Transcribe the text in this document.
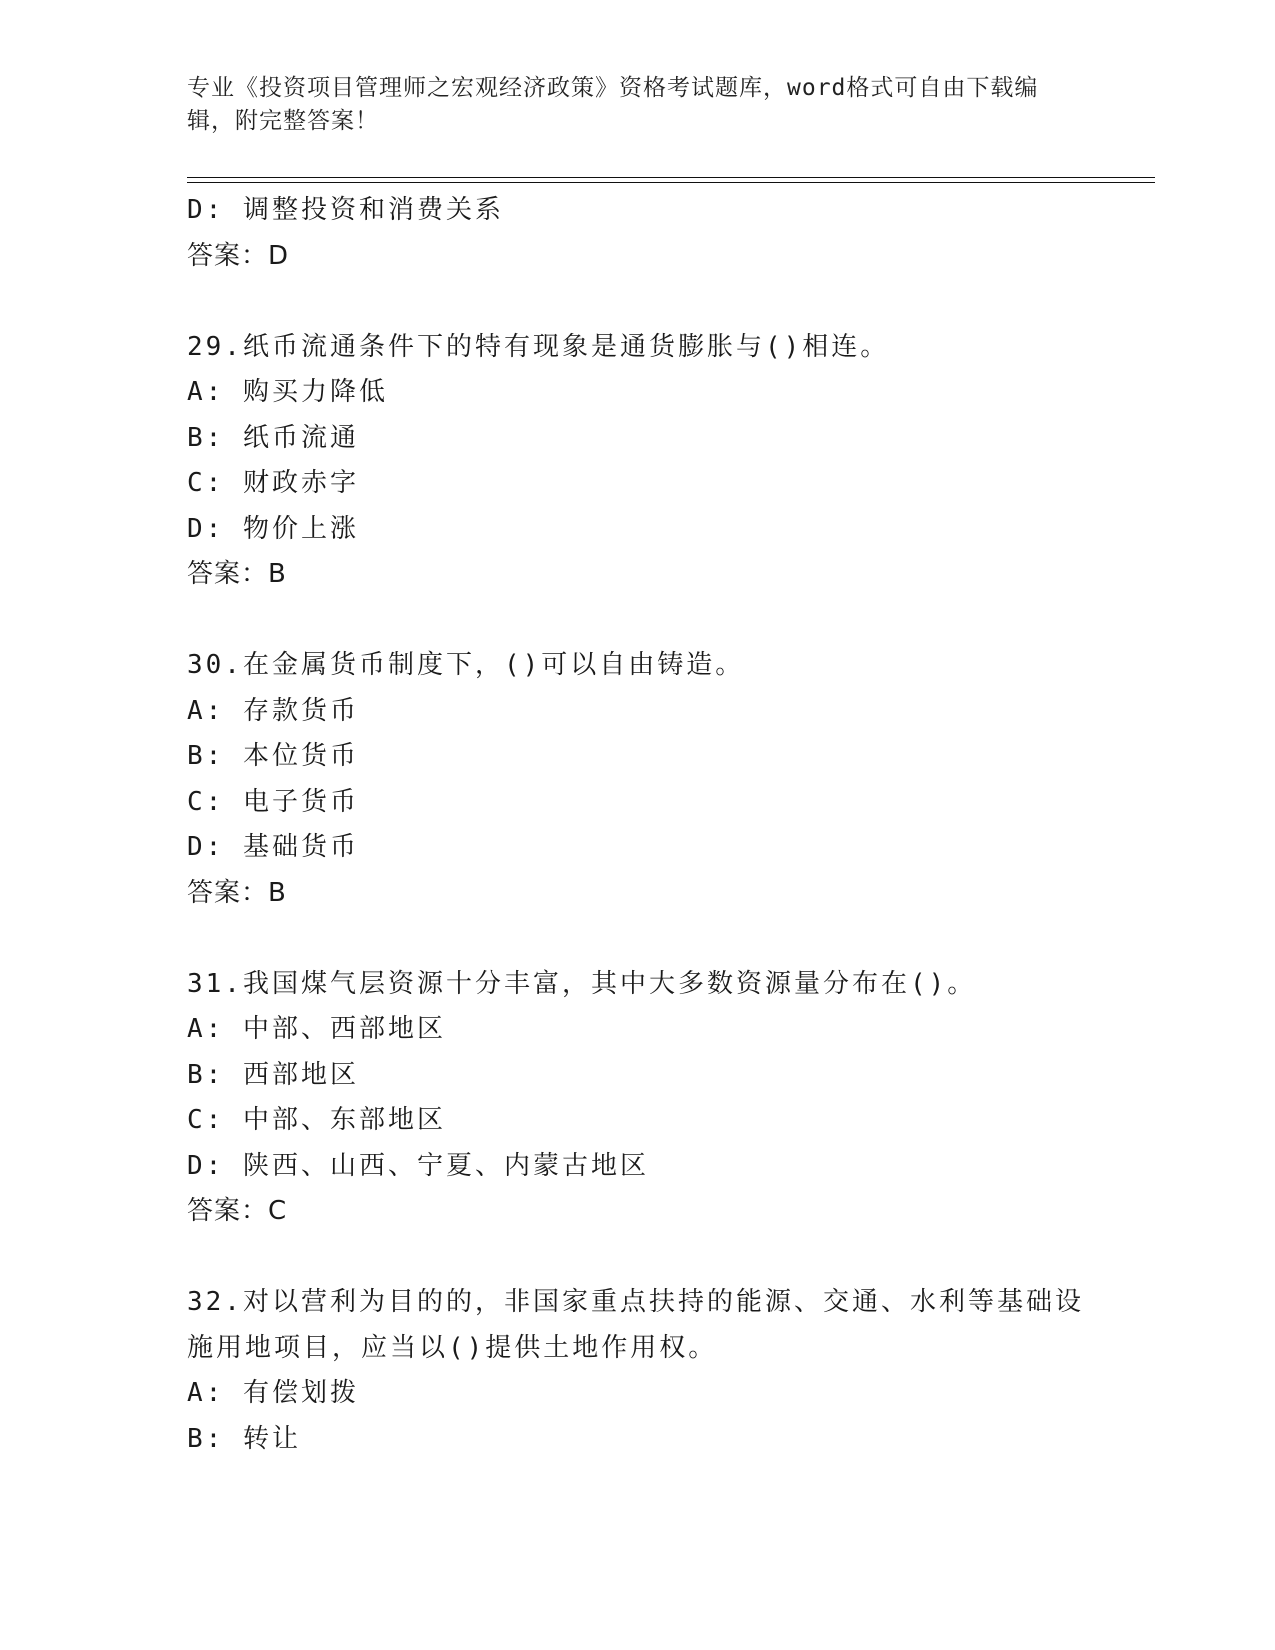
专业《投资项目管理师之宏观经济政策》资格考试题库，word格式可自由下载编辑，附完整答案！
D: 调整投资和消费关系
答案：D
29.纸币流通条件下的特有现象是通货膨胀与()相连。
A: 购买力降低
B: 纸币流通
C: 财政赤字
D: 物价上涨
答案：B
30.在金属货币制度下，()可以自由铸造。
A: 存款货币
B: 本位货币
C: 电子货币
D: 基础货币
答案：B
31.我国煤气层资源十分丰富，其中大多数资源量分布在()。
A: 中部、西部地区
B: 西部地区
C: 中部、东部地区
D: 陕西、山西、宁夏、内蒙古地区
答案：C
32.对以营利为目的的，非国家重点扶持的能源、交通、水利等基础设
施用地项目，应当以()提供土地作用权。
A: 有偿划拨
B: 转让
